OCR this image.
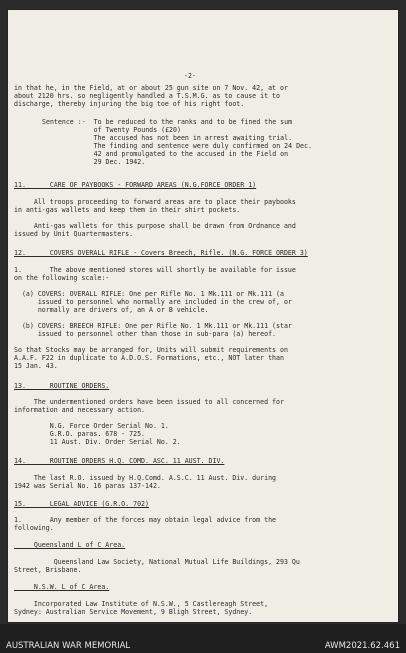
-2-
in that he, in the Field, at or about 25 gun site on 7 Nov. 42, at or
about 2120 hrs. so negligently handled a T.S.M.G. as to cause it to
discharge, thereby injuring the big toe of his right foot.
Sentence :-  To be reduced to the ranks and to be fined the sum
of Twenty Pounds (£20)
The accused has not been in arrest awaiting trial.
The finding and sentence were duly confirmed on 24 Dec.
42 and promulgated to the accused in the Field on
29 Dec. 1942.
11.      CARE OF PAYBOOKS - FORWARD AREAS (N.G.FORCE ORDER 1)
All troops proceeding to forward areas are to place their paybooks
in anti-gas wallets and keep them in their shirt pockets.
Anti-gas wallets for this purpose shall be drawn from Ordnance and
issued by Unit Quartermasters.
12.      COVERS OVERALL RIFLE - Covers Breech, Rifle. (N.G. FORCE ORDER 3)
1.       The above mentioned stores will shortly be available for issue
on the following scale:-
(a) COVERS: OVERALL RIFLE: One per Rifle No. 1 Mk.111 or Mk.111 (a
issued to personnel who normally are included in the crew of, or
normally are drivers of, an A or B vehicle.
(b) COVERS: BREECH RIFLE: One per Rifle No. 1 Mk.111 or Mk.111 (star
issued to personnel other than those in sub-para (a) hereof.
So that Stocks may be arranged for, Units will submit requirements on
A.A.F. F22 in duplicate to A.D.O.S. Formations, etc., NOT later than
15 Jan. 43.
13.      ROUTINE ORDERS.
The undermentioned orders have been issued to all concerned for
information and necessary action.
N.G. Force Order Serial No. 1.
G.R.O. paras. 678 - 725.
11 Aust. Div. Order Serial No. 2.
14.      ROUTINE ORDERS H.Q. COMD. ASC. 11 AUST. DIV.
The last R.O. issued by H.Q.Comd. A.S.C. 11 Aust. Div. during
1942 was Serial No. 16 paras 137-142.
15.      LEGAL ADVICE (G.R.O. 702)
1.       Any member of the forces may obtain legal advice from the
following.
Queensland L of C Area.
Queensland Law Society, National Mutual Life Buildings, 293 Qu
Street, Brisbane.
N.S.W. L of C Area.
Incorporated Law Institute of N.S.W., 5 Castlereagh Street,
Sydney: Australian Service Movement, 9 Bligh Street, Sydney.
AUSTRALIAN WAR MEMORIAL	AWM2021.62.461
